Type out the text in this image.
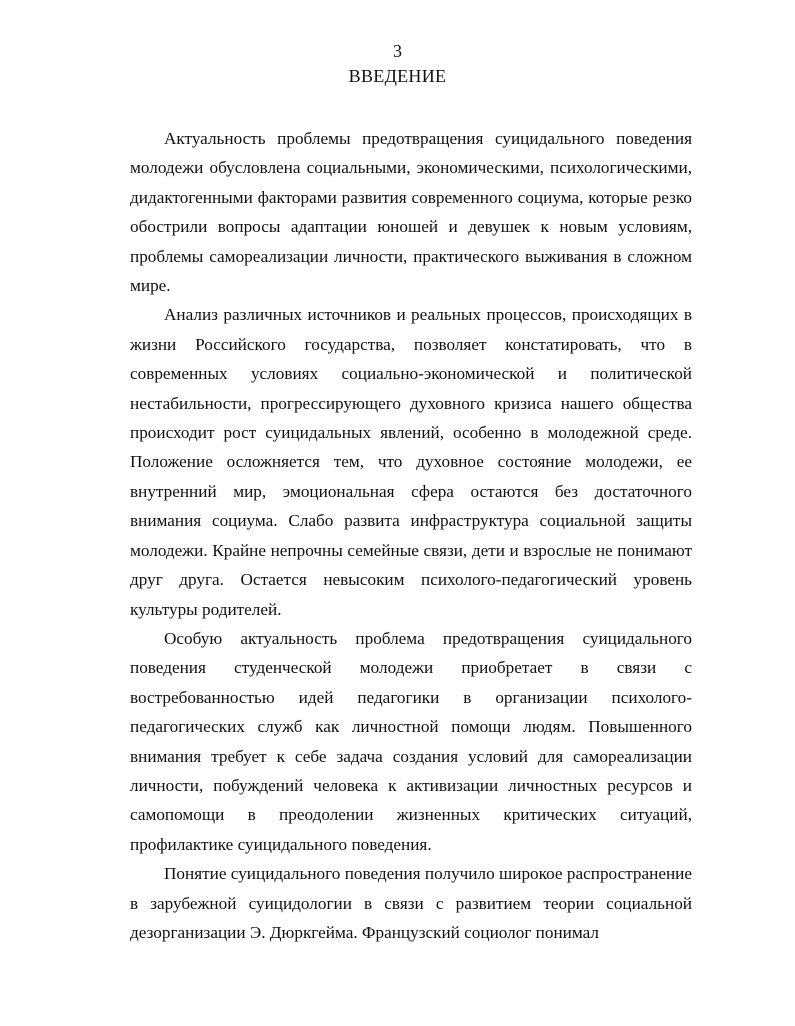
3
ВВЕДЕНИЕ

Актуальность проблемы предотвращения суицидального поведения молодежи обусловлена социальными, экономическими, психологическими, дидактогенными факторами развития современного социума, которые резко обострили вопросы адаптации юношей и девушек к новым условиям, проблемы самореализации личности, практического выживания в сложном мире.

Анализ различных источников и реальных процессов, происходящих в жизни Российского государства, позволяет констатировать, что в современных условиях социально-экономической и политической нестабильности, прогрессирующего духовного кризиса нашего общества происходит рост суицидальных явлений, особенно в молодежной среде. Положение осложняется тем, что духовное состояние молодежи, ее внутренний мир, эмоциональная сфера остаются без достаточного внимания социума. Слабо развита инфраструктура социальной защиты молодежи. Крайне непрочны семейные связи, дети и взрослые не понимают друг друга. Остается невысоким психолого-педагогический уровень культуры родителей.

Особую актуальность проблема предотвращения суицидального поведения студенческой молодежи приобретает в связи с востребованностью идей педагогики в организации психолого-педагогических служб как личностной помощи людям. Повышенного внимания требует к себе задача создания условий для самореализации личности, побуждений человека к активизации личностных ресурсов и самопомощи в преодолении жизненных критических ситуаций, профилактике суицидального поведения.

Понятие суицидального поведения получило широкое распространение в зарубежной суицидологии в связи с развитием теории социальной дезорганизации Э. Дюркгейма. Французский социолог понимал
